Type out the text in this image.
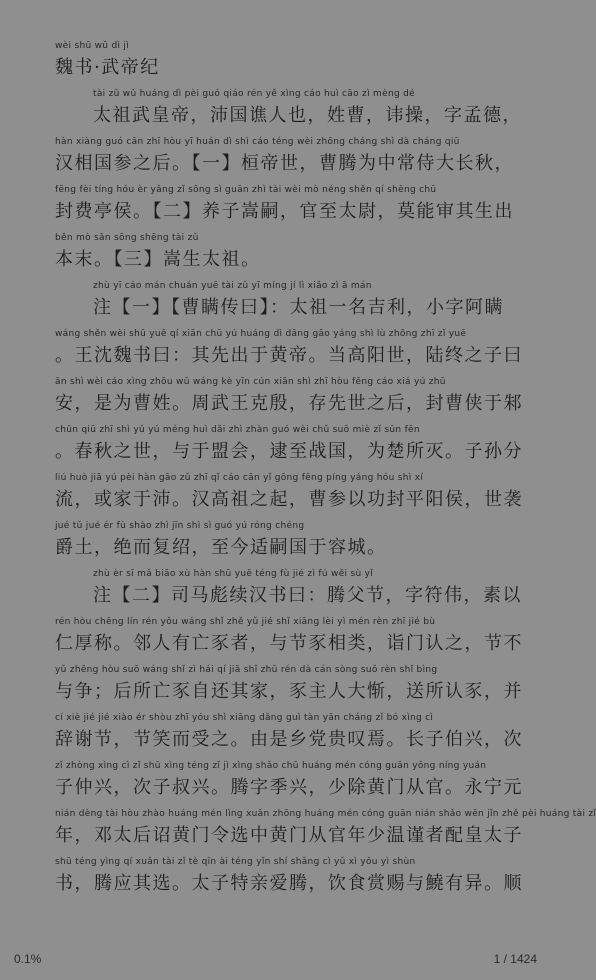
wèi shū wǔ dì jì
魏书·武帝纪
tài zǔ wǔ huáng dì pèi guó qiáo rén yě xìng cáo huì cāo zì mèng dé
太祖武皇帝，沛国谯人也，姓曹，讳操，字孟德，
hàn xiàng guó cān zhī hòu yī huán dì shì cáo téng wèi zhōng cháng shì dà cháng qiū
汉相国参之后。【一】桓帝世，曹腾为中常侍大长秋，
fēng fèi tíng hóu èr yǎng zǐ sōng sì guān zhì tài wèi mò néng shěn qí shēng chū
封费亭侯。【二】养子嵩嗣，官至太尉，莫能审其生出
běn mò sān sōng shēng tài zǔ
本末。【三】嵩生太祖。
zhù yī cáo mán chuán yuē tài zǔ yī míng jí lì xiǎo zì ā mán
注【一】【曹瞒传曰】：太祖一名吉利，小字阿瞒
wáng shěn wèi shū yuē qí xiān chū yú huáng dì dāng gāo yáng shì lù zhōng zhī zǐ yuē
。王沈魏书曰：其先出于黄帝。当高阳世，陆终之子曰
ān shì wèi cáo xìng zhōu wǔ wáng kè yīn cún xiān shì zhī hòu fēng cáo xiá yú zhū
安，是为曹姓。周武王克殷，存先世之后，封曹侠于邾
chūn qiū zhī shì yǔ yú méng huì dǎi zhì zhàn guó wèi chǔ suǒ miè zǐ sūn fēn
。春秋之世，与于盟会，逮至战国，为楚所灭。子孙分
liú huò jiā yú pèi hàn gāo zǔ zhī qǐ cáo cān yǐ gōng fēng píng yáng hóu shì xí
流，或家于沛。汉高祖之起，曹参以功封平阳侯，世袭
jué tǔ jué ér fù shào zhì jīn shì sì guó yú róng chéng
爵土，绝而复绍，至今适嗣国于容城。
zhù èr sī mǎ biāo xù hàn shū yuē téng fù jié zì fú wěi sù yǐ
注【二】司马彪续汉书曰：腾父节，字符伟，素以
rén hòu chēng lín rén yǒu wáng shǐ zhě yǔ jié shǐ xiāng lèi yì mén rèn zhī jié bù
仁厚称。邻人有亡豕者，与节豕相类，诣门认之，节不
yǔ zhēng hòu suǒ wáng shǐ zì hái qí jiā shǐ zhǔ rén dà cán sòng suǒ rèn shǐ bìng
与争；后所亡豕自还其家，豕主人大惭，送所认豕，并
cí xiè jié jié xiào ér shòu zhī yóu shì xiāng dǎng guì tàn yān cháng zǐ bó xìng cì
辞谢节，节笑而受之。由是乡党贵叹焉。长子伯兴，次
zǐ zhòng xìng cì zǐ shū xìng téng zǐ jì xìng shǎo chū huáng mén cóng guān yǒng níng yuán
子仲兴，次子叔兴。腾字季兴，少除黄门从官。永宁元
nián dèng tài hòu zhào huáng mén lìng xuǎn zhōng huáng mén cóng guān nián shǎo wēn jǐn zhě pèi huáng tài zǐ
年，邓太后诏黄门令选中黄门从官年少温谨者配皇太子
shū téng yìng qí xuǎn tài zǐ tè qīn ài téng yǐn shí shǎng cì yǔ xì yǒu yì shùn
书，腾应其选。太子特亲爱腾，饮食赏赐与鱙有异。顺
0.1%	1 / 1424
